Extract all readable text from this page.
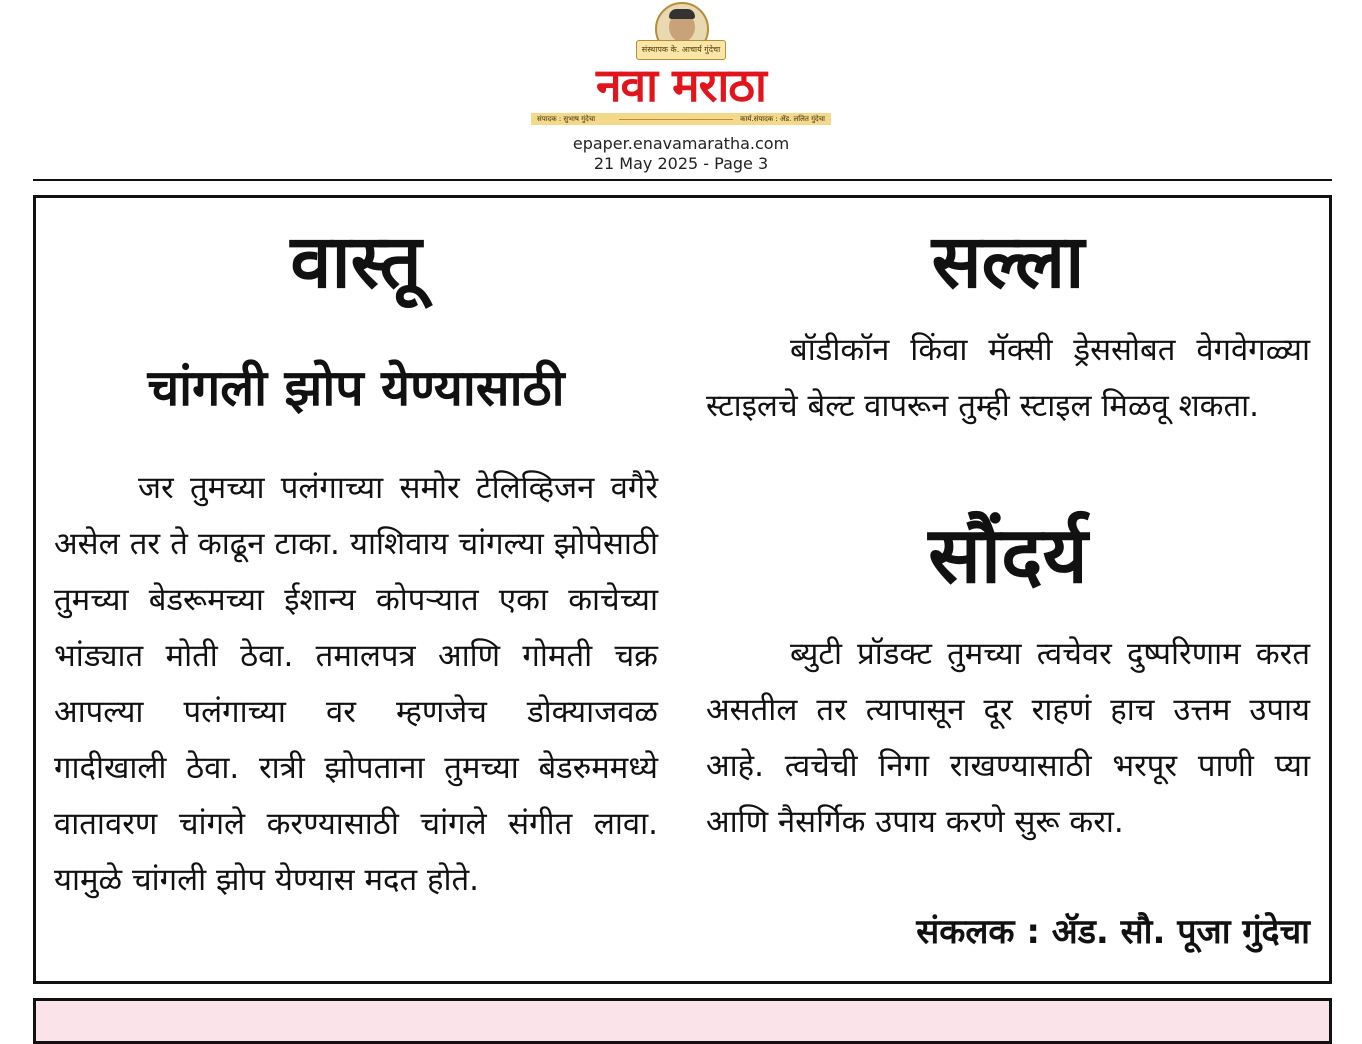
संस्थापक के. आचार्य गुंदेचा
नवा मराठा
संपादक : सुभाष गुंदेचा	कार्य.संपादक : ॲड. ललित गुंदेचा
epaper.enavamaratha.com
21 May 2025 - Page 3
वास्तू
चांगली झोप येण्यासाठी

जर तुमच्या पलंगाच्या समोर टेलिव्हिजन वगैरे असेल तर ते काढून टाका. याशिवाय चांगल्या झोपेसाठी तुमच्या बेडरूमच्या ईशान्य कोपऱ्यात एका काचेच्या भांड्यात मोती ठेवा. तमालपत्र आणि गोमती चक्र आपल्या पलंगाच्या वर म्हणजेच डोक्याजवळ गादीखाली ठेवा. रात्री झोपताना तुमच्या बेडरुममध्ये वातावरण चांगले करण्यासाठी चांगले संगीत लावा. यामुळे चांगली झोप येण्यास मदत होते.

सल्ला

बॉडीकॉन किंवा मॅक्सी ड्रेससोबत वेगवेगळ्या स्टाइलचे बेल्ट वापरून तुम्ही स्टाइल मिळवू शकता.

सौंदर्य

ब्युटी प्रॉडक्ट तुमच्या त्वचेवर दुष्परिणाम करत असतील तर त्यापासून दूर राहणं हाच उत्तम उपाय आहे. त्वचेची निगा राखण्यासाठी भरपूर पाणी प्या आणि नैसर्गिक उपाय करणे सुरू करा.

संकलक : ॲड. सौ. पूजा गुंदेचा
